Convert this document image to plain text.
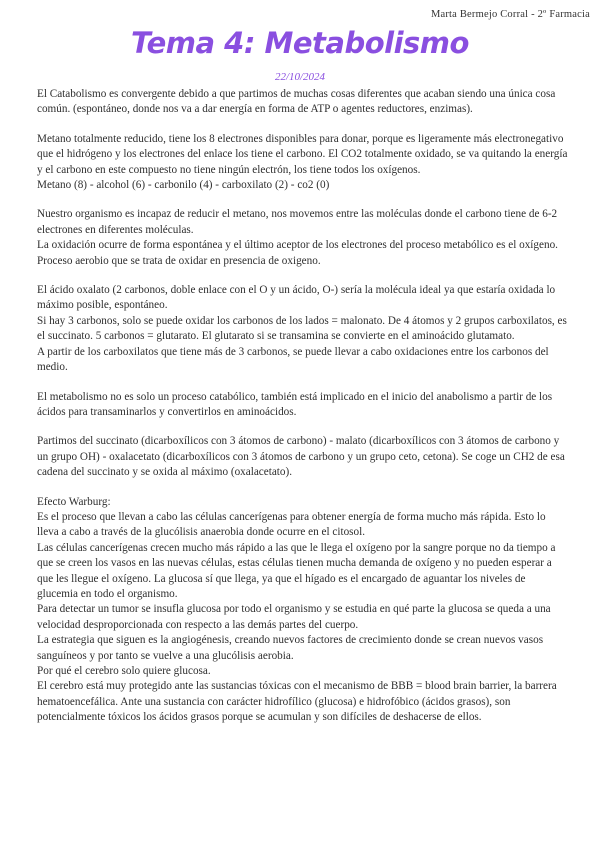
Marta Bermejo Corral - 2º Farmacia
Tema 4: Metabolismo
22/10/2024

El Catabolismo es convergente debido a que partimos de muchas cosas diferentes que acaban siendo una única cosa común. (espontáneo, donde nos va a dar energía en forma de ATP o agentes reductores, enzimas).

Metano totalmente reducido, tiene los 8 electrones disponibles para donar, porque es ligeramente más electronegativo que el hidrógeno y los electrones del enlace los tiene el carbono. El CO2 totalmente oxidado, se va quitando la energía y el carbono en este compuesto no tiene ningún electrón, los tiene todos los oxígenos.

Metano (8) - alcohol (6) - carbonilo (4) - carboxilato (2) - co2 (0)

Nuestro organismo es incapaz de reducir el metano, nos movemos entre las moléculas donde el carbono tiene de 6-2 electrones en diferentes moléculas.

La oxidación ocurre de forma espontánea y el último aceptor de los electrones del proceso metabólico es el oxígeno. Proceso aerobio que se trata de oxidar en presencia de oxigeno.

El ácido oxalato (2 carbonos, doble enlace con el O y un ácido, O-) sería la molécula ideal ya que estaría oxidada lo máximo posible, espontáneo.

Si hay 3 carbonos, solo se puede oxidar los carbonos de los lados = malonato. De 4 átomos y 2 grupos carboxilatos, es el succinato. 5 carbonos = glutarato. El glutarato si se transamina se convierte en el aminoácido glutamato.

A partir de los carboxilatos que tiene más de 3 carbonos, se puede llevar a cabo oxidaciones entre los carbonos del medio.

El metabolismo no es solo un proceso catabólico, también está implicado en el inicio del anabolismo a partir de los ácidos para transaminarlos y convertirlos en aminoácidos.

Partimos del succinato (dicarboxílicos con 3 átomos de carbono) - malato (dicarboxílicos con 3 átomos de carbono y un grupo OH) - oxalacetato (dicarboxílicos con 3 átomos de carbono y un grupo ceto, cetona). Se coge un CH2 de esa cadena del succinato y se oxida al máximo (oxalacetato).

Efecto Warburg:

Es el proceso que llevan a cabo las células cancerígenas para obtener energía de forma mucho más rápida. Esto lo lleva a cabo a través de la glucólisis anaerobia donde ocurre en el citosol.

Las células cancerígenas crecen mucho más rápido a las que le llega el oxígeno por la sangre porque no da tiempo a que se creen los vasos en las nuevas células, estas células tienen mucha demanda de oxígeno y no pueden esperar a que les llegue el oxígeno. La glucosa sí que llega, ya que el hígado es el encargado de aguantar los niveles de glucemia en todo el organismo.

Para detectar un tumor se insufla glucosa por todo el organismo y se estudia en qué parte la glucosa se queda a una velocidad desproporcionada con respecto a las demás partes del cuerpo.

La estrategia que siguen es la angiogénesis, creando nuevos factores de crecimiento donde se crean nuevos vasos sanguíneos y por tanto se vuelve a una glucólisis aerobia.

Por qué el cerebro solo quiere glucosa.

El cerebro está muy protegido ante las sustancias tóxicas con el mecanismo de BBB = blood brain barrier, la barrera hematoencefálica. Ante una sustancia con carácter hidrofílico (glucosa) e hidrofóbico (ácidos grasos), son potencialmente tóxicos los ácidos grasos porque se acumulan y son difíciles de deshacerse de ellos.
